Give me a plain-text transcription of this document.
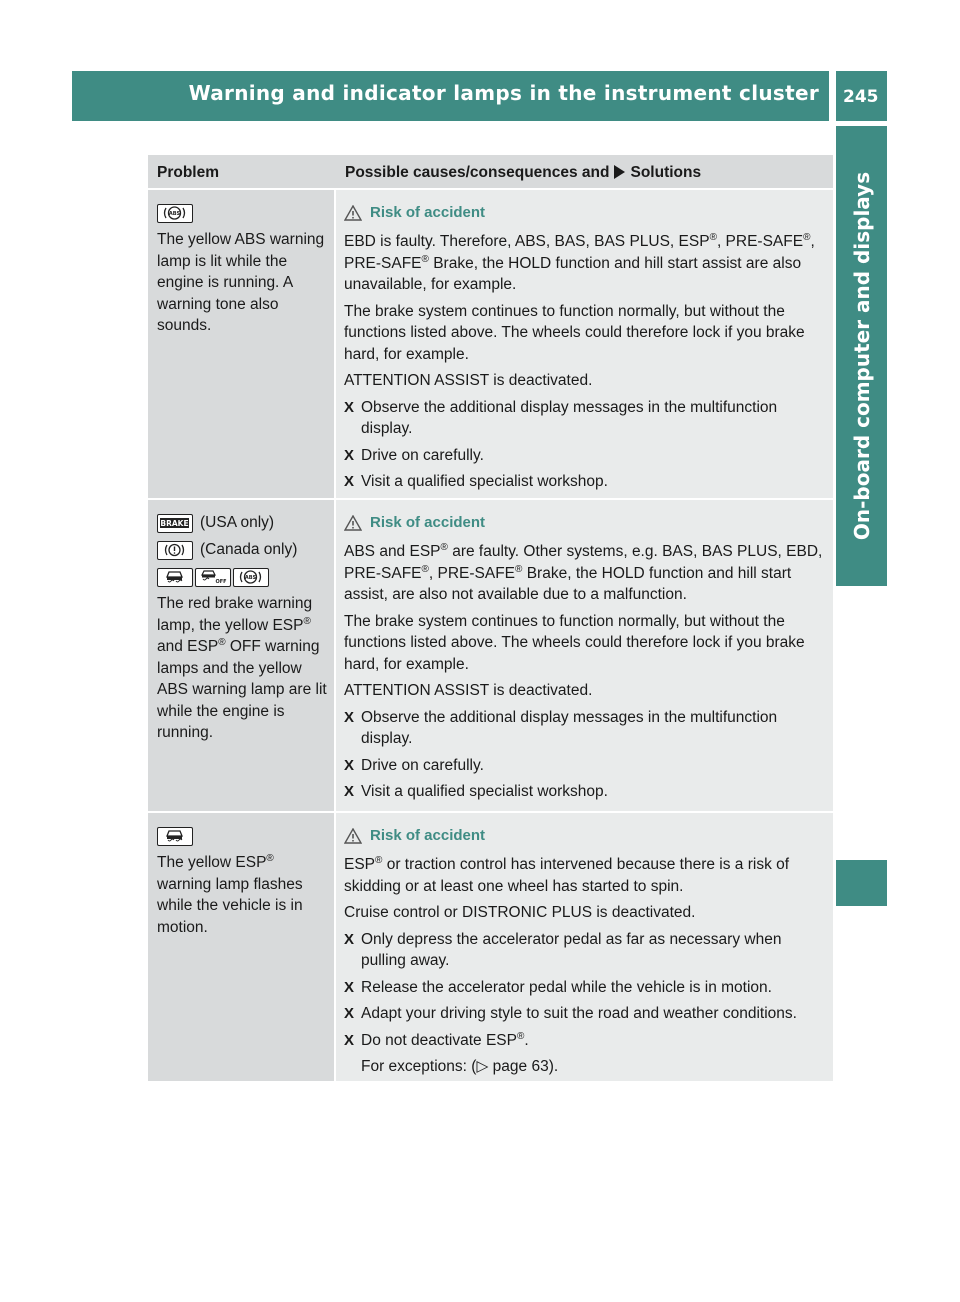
Warning and indicator lamps in the instrument cluster 245
On-board computer and displays
Problem	Possible causes/consequences and Solutions
ABS
The yellow ABS warning lamp is lit while the engine is running. A warning tone also sounds.
Risk of accident
EBD is faulty. Therefore, ABS, BAS, BAS PLUS, ESP®, PRE-SAFE®, PRE-SAFE® Brake, the HOLD function and hill start assist are also unavailable, for example.
The brake system continues to function normally, but without the functions listed above. The wheels could therefore lock if you brake hard, for example.
ATTENTION ASSIST is deactivated.
X Observe the additional display messages in the multifunction display.
X Drive on carefully.
X Visit a qualified specialist workshop.
BRAKE (USA only)
(Canada only)
OFF
ABS
The red brake warning lamp, the yellow ESP® and ESP® OFF warning lamps and the yellow ABS warning lamp are lit while the engine is running.
Risk of accident
ABS and ESP® are faulty. Other systems, e.g. BAS, BAS PLUS, EBD, PRE-SAFE®, PRE-SAFE® Brake, the HOLD function and hill start assist, are also not available due to a malfunction.
The brake system continues to function normally, but without the functions listed above. The wheels could therefore lock if you brake hard, for example.
ATTENTION ASSIST is deactivated.
X Observe the additional display messages in the multifunction display.
X Drive on carefully.
X Visit a qualified specialist workshop.
The yellow ESP® warning lamp flashes while the vehicle is in motion.
Risk of accident
ESP® or traction control has intervened because there is a risk of skidding or at least one wheel has started to spin.
Cruise control or DISTRONIC PLUS is deactivated.
X Only depress the accelerator pedal as far as necessary when pulling away.
X Release the accelerator pedal while the vehicle is in motion.
X Adapt your driving style to suit the road and weather conditions.
X Do not deactivate ESP®.
For exceptions: (▷ page 63).
